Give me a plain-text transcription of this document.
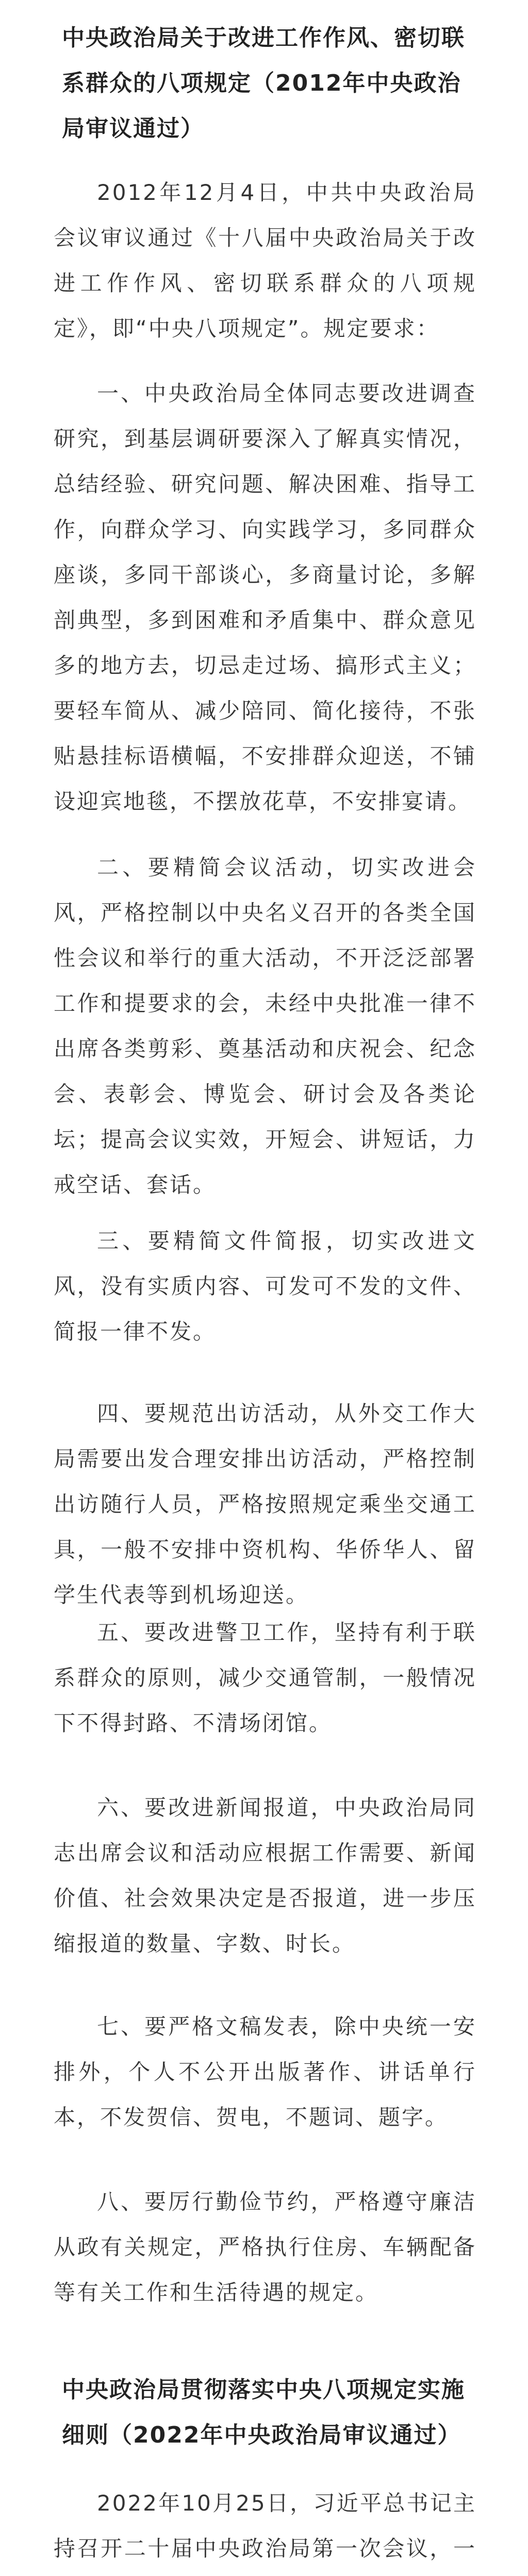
中央政治局关于改进工作作风、密切联系群众的八项规定（2012年中央政治局审议通过）
2012年12月4日，中共中央政治局会议审议通过《十八届中央政治局关于改进工作作风、密切联系群众的八项规定》，即“中央八项规定”。规定要求：
一、中央政治局全体同志要改进调查研究，到基层调研要深入了解真实情况，总结经验、研究问题、解决困难、指导工作，向群众学习、向实践学习，多同群众座谈，多同干部谈心，多商量讨论，多解剖典型，多到困难和矛盾集中、群众意见多的地方去，切忌走过场、搞形式主义；要轻车简从、减少陪同、简化接待，不张贴悬挂标语横幅，不安排群众迎送，不铺设迎宾地毯，不摆放花草，不安排宴请。
二、要精简会议活动，切实改进会风，严格控制以中央名义召开的各类全国性会议和举行的重大活动，不开泛泛部署工作和提要求的会，未经中央批准一律不出席各类剪彩、奠基活动和庆祝会、纪念会、表彰会、博览会、研讨会及各类论坛；提高会议实效，开短会、讲短话，力戒空话、套话。
三、要精简文件简报，切实改进文风，没有实质内容、可发可不发的文件、简报一律不发。
四、要规范出访活动，从外交工作大局需要出发合理安排出访活动，严格控制出访随行人员，严格按照规定乘坐交通工具，一般不安排中资机构、华侨华人、留学生代表等到机场迎送。
五、要改进警卫工作，坚持有利于联系群众的原则，减少交通管制，一般情况下不得封路、不清场闭馆。
六、要改进新闻报道，中央政治局同志出席会议和活动应根据工作需要、新闻价值、社会效果决定是否报道，进一步压缩报道的数量、字数、时长。
七、要严格文稿发表，除中央统一安排外，个人不公开出版著作、讲话单行本，不发贺信、贺电，不题词、题字。
八、要厉行勤俭节约，严格遵守廉洁从政有关规定，严格执行住房、车辆配备等有关工作和生活待遇的规定。
中央政治局贯彻落实中央八项规定实施细则（2022年中央政治局审议通过）
2022年10月25日，习近平总书记主持召开二十届中央政治局第一次会议，一
